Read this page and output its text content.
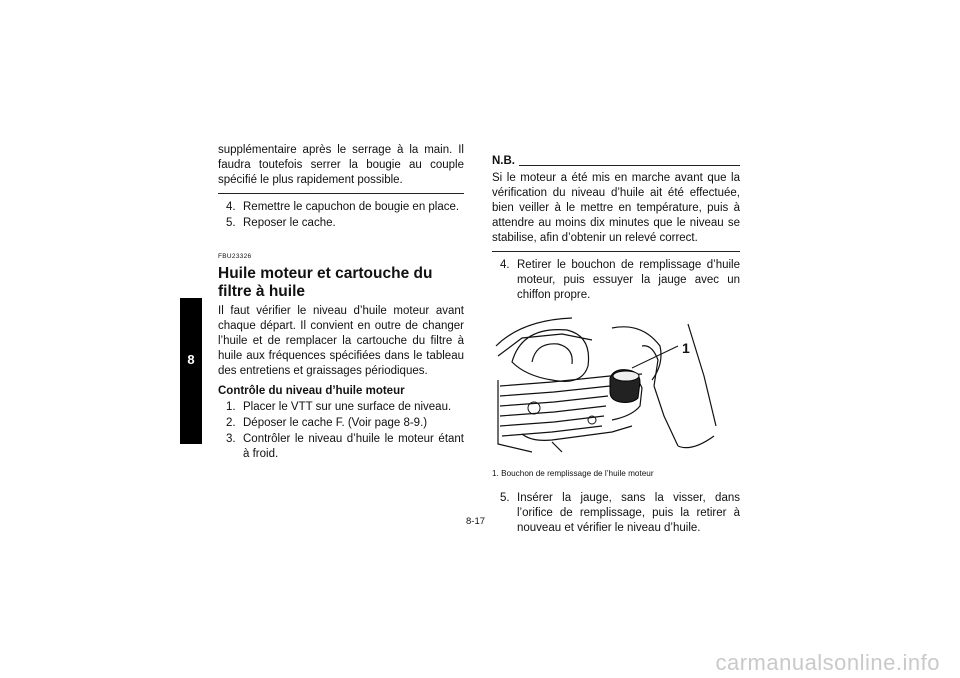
8
supplémentaire après le serrage à la main. Il faudra toutefois serrer la bougie au couple spécifié le plus rapidement possible.
4. Remettre le capuchon de bougie en place.
5. Reposer le cache.
FBU23326
Huile moteur et cartouche du filtre à huile
Il faut vérifier le niveau d’huile moteur avant chaque départ. Il convient en outre de changer l’huile et de remplacer la cartouche du filtre à huile aux fréquences spécifiées dans le tableau des entretiens et graissages périodiques.
Contrôle du niveau d’huile moteur
1. Placer le VTT sur une surface de niveau.
2. Déposer le cache F. (Voir page 8-9.)
3. Contrôler le niveau d’huile le moteur étant à froid.
N.B.
Si le moteur a été mis en marche avant que la vérification du niveau d’huile ait été effectuée, bien veiller à le mettre en température, puis à attendre au moins dix minutes que le niveau se stabilise, afin d’obtenir un relevé correct.
4. Retirer le bouchon de remplissage d’huile moteur, puis essuyer la jauge avec un chiffon propre.
1
1. Bouchon de remplissage de l’huile moteur
5. Insérer la jauge, sans la visser, dans l’orifice de remplissage, puis la retirer à nouveau et vérifier le niveau d’huile.
8-17
carmanualsonline.info
